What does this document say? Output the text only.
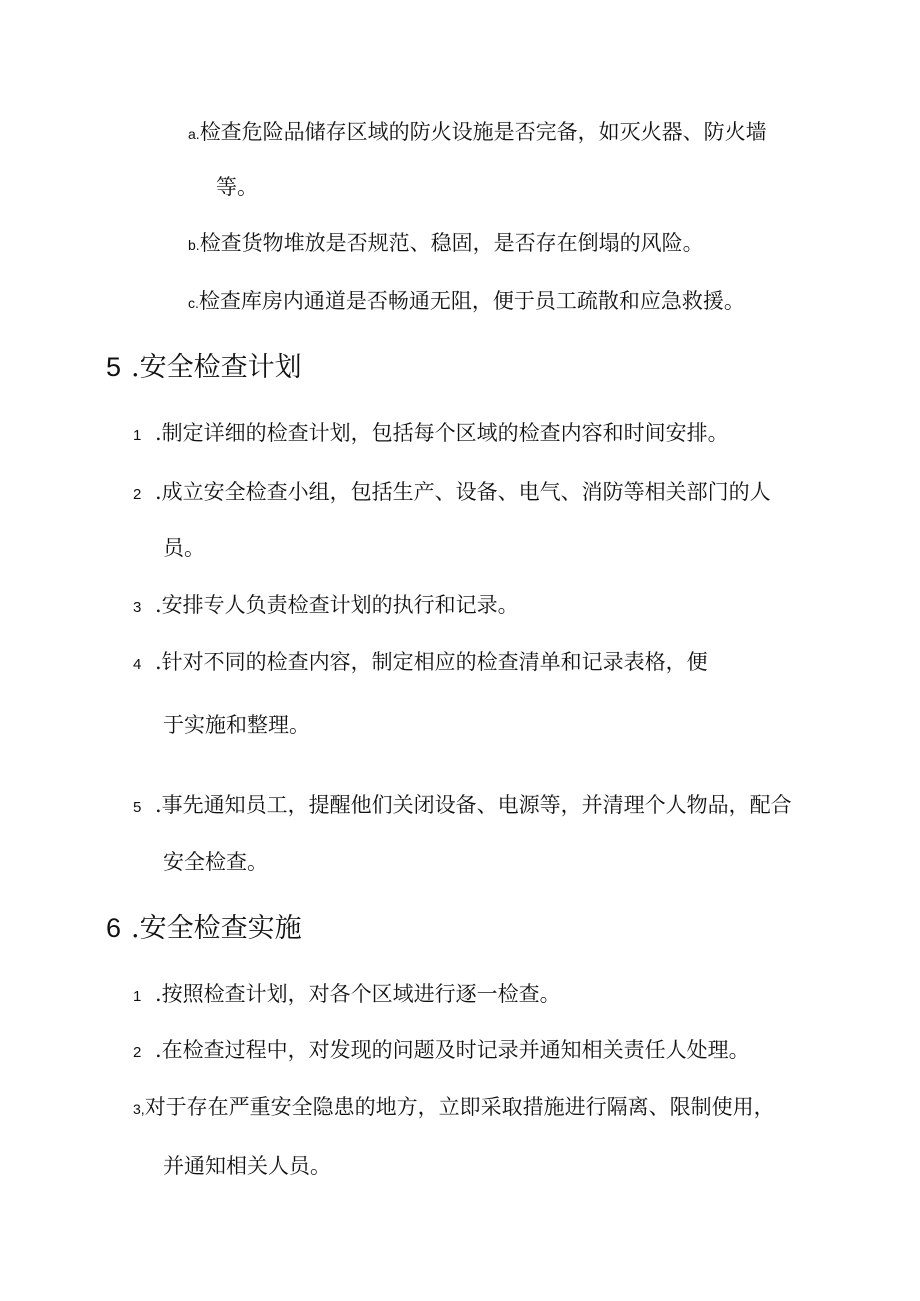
a.检查危险品储存区域的防火设施是否完备，如灭火器、防火墙
等。
b.检查货物堆放是否规范、稳固，是否存在倒塌的风险。
c.检查库房内通道是否畅通无阻，便于员工疏散和应急救援。
5 .安全检查计划
1 .制定详细的检查计划，包括每个区域的检查内容和时间安排。
2 .成立安全检查小组，包括生产、设备、电气、消防等相关部门的人
员。
3 .安排专人负责检查计划的执行和记录。
4 .针对不同的检查内容，制定相应的检查清单和记录表格，便
于实施和整理。
5 .事先通知员工，提醒他们关闭设备、电源等，并清理个人物品，配合
安全检查。
6 .安全检查实施
1 .按照检查计划，对各个区域进行逐一检查。
2 .在检查过程中，对发现的问题及时记录并通知相关责任人处理。
3,对于存在严重安全隐患的地方，立即采取措施进行隔离、限制使用，
并通知相关人员。
